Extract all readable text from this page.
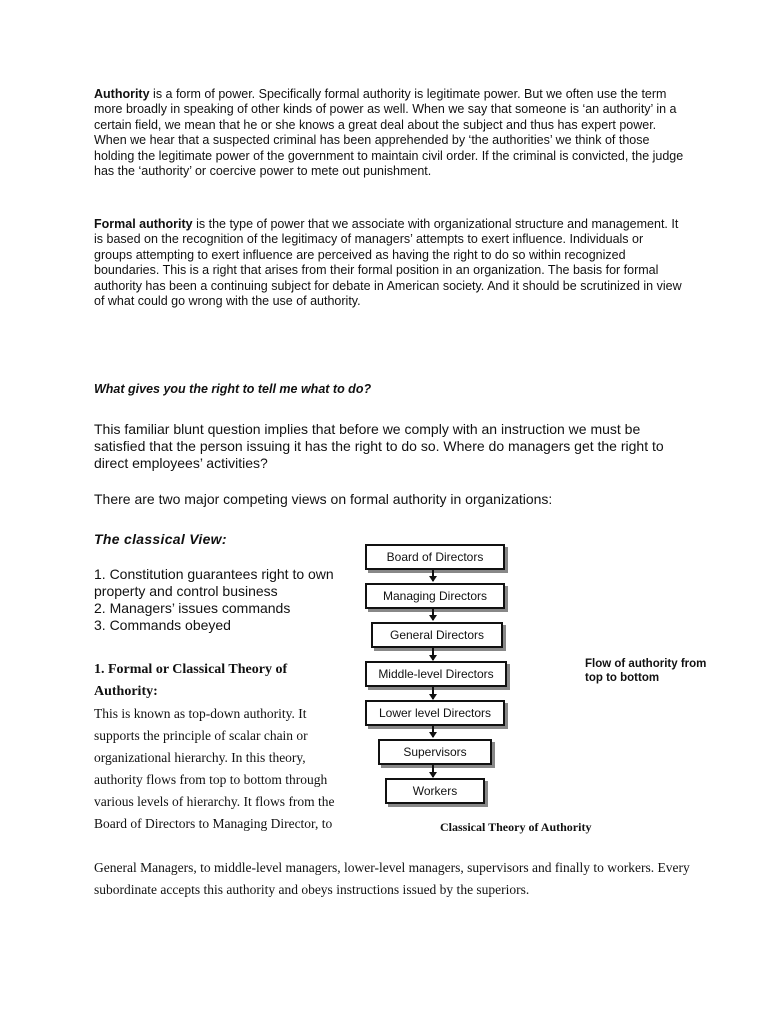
Authority is a form of power. Specifically formal authority is legitimate power. But we often use the term more broadly in speaking of other kinds of power as well. When we say that someone is ‘an authority’ in a certain field, we mean that he or she knows a great deal about the subject and thus has expert power. When we hear that a suspected criminal has been apprehended by ‘the authorities’ we think of those holding the legitimate power of the government to maintain civil order. If the criminal is convicted, the judge has the ‘authority’ or coercive power to mete out punishment.
Formal authority is the type of power that we associate with organizational structure and management. It is based on the recognition of the legitimacy of managers’ attempts to exert influence. Individuals or groups attempting to exert influence are perceived as having the right to do so within recognized boundaries. This is a right that arises from their formal position in an organization. The basis for formal authority has been a continuing subject for debate in American society. And it should be scrutinized in view of what could go wrong with the use of authority.
What gives you the right to tell me what to do?
This familiar blunt question implies that before we comply with an instruction we must be satisfied that the person issuing it has the right to do so. Where do managers get the right to direct employees’ activities?
There are two major competing views on formal authority in organizations:
The classical View:
1. Constitution guarantees right to own property and control business
2. Managers’ issues commands
3. Commands obeyed
1. Formal or Classical Theory of Authority:
This is known as top-down authority. It supports the principle of scalar chain or organizational hierarchy. In this theory, authority flows from top to bottom through various levels of hierarchy. It flows from the Board of Directors to Managing Director, to
General Managers, to middle-level managers, lower-level managers, supervisors and finally to workers. Every subordinate accepts this authority and obeys instructions issued by the superiors.
Board of Directors
Managing Directors
General Directors
Middle-level Directors
Lower level Directors
Supervisors
Workers
Flow of authority from top to bottom
Classical Theory of Authority
